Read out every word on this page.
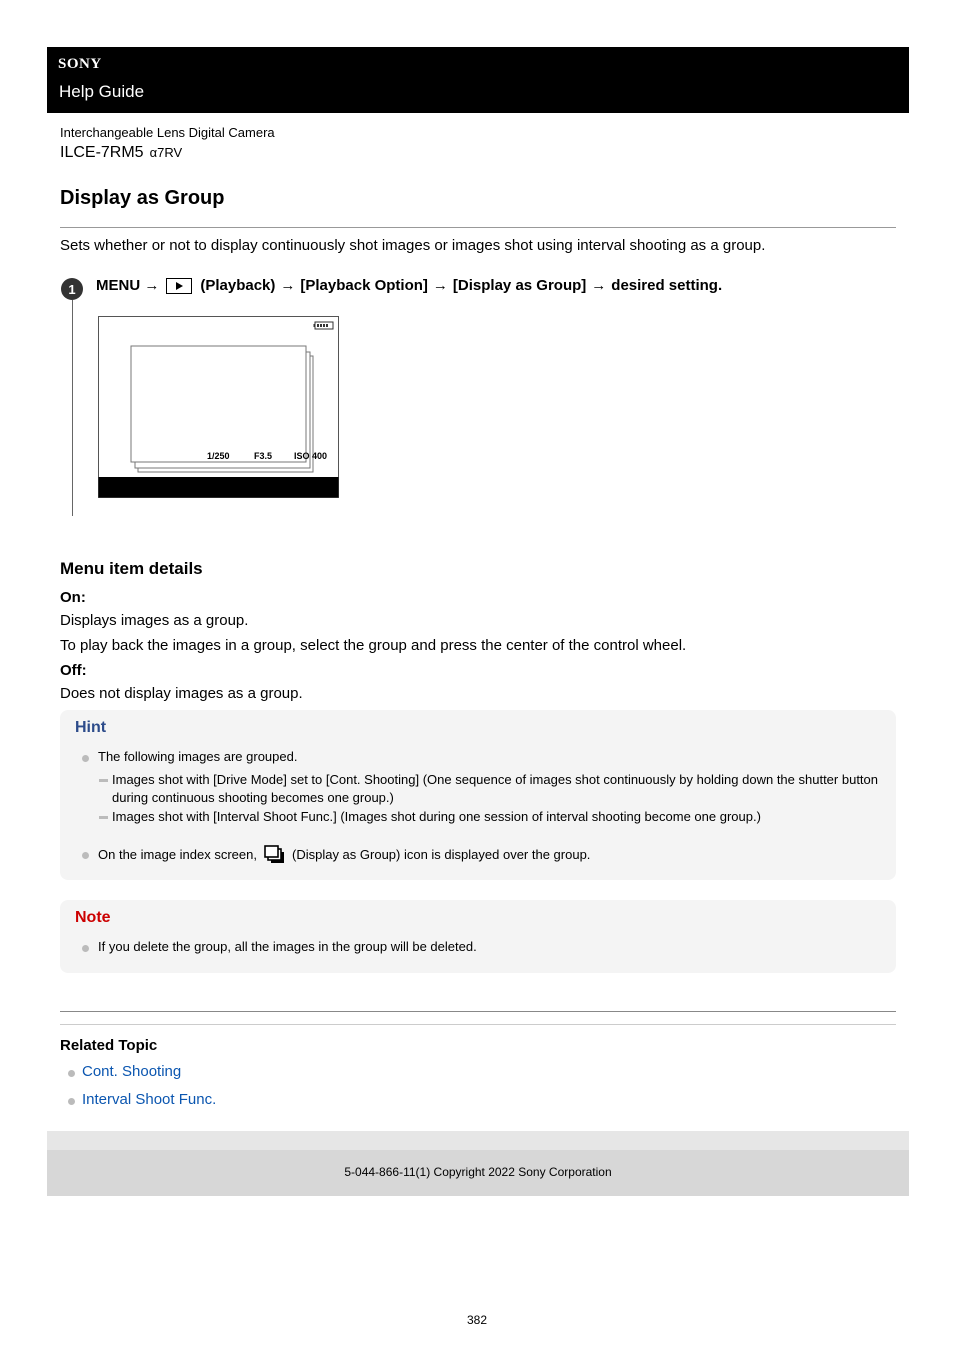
SONY
Help Guide
Interchangeable Lens Digital Camera
ILCE-7RM5 α7RV
Display as Group
Sets whether or not to display continuously shot images or images shot using interval shooting as a group.
1	MENU →	(Playback) → [Playback Option] → [Display as Group] → desired setting.
1/250	F3.5 ISO 400
Menu item details
On:
Displays images as a group.
To play back the images in a group, select the group and press the center of the control wheel.
Off:
Does not display images as a group.
Hint
The following images are grouped.
Images shot with [Drive Mode] set to [Cont. Shooting] (One sequence of images shot continuously by holding down the shutter button during continuous shooting becomes one group.)
Images shot with [Interval Shoot Func.] (Images shot during one session of interval shooting become one group.)
On the image index screen,	(Display as Group) icon is displayed over the group.
Note
If you delete the group, all the images in the group will be deleted.
Related Topic
Cont. Shooting
Interval Shoot Func.
5-044-866-11(1) Copyright 2022 Sony Corporation
382
